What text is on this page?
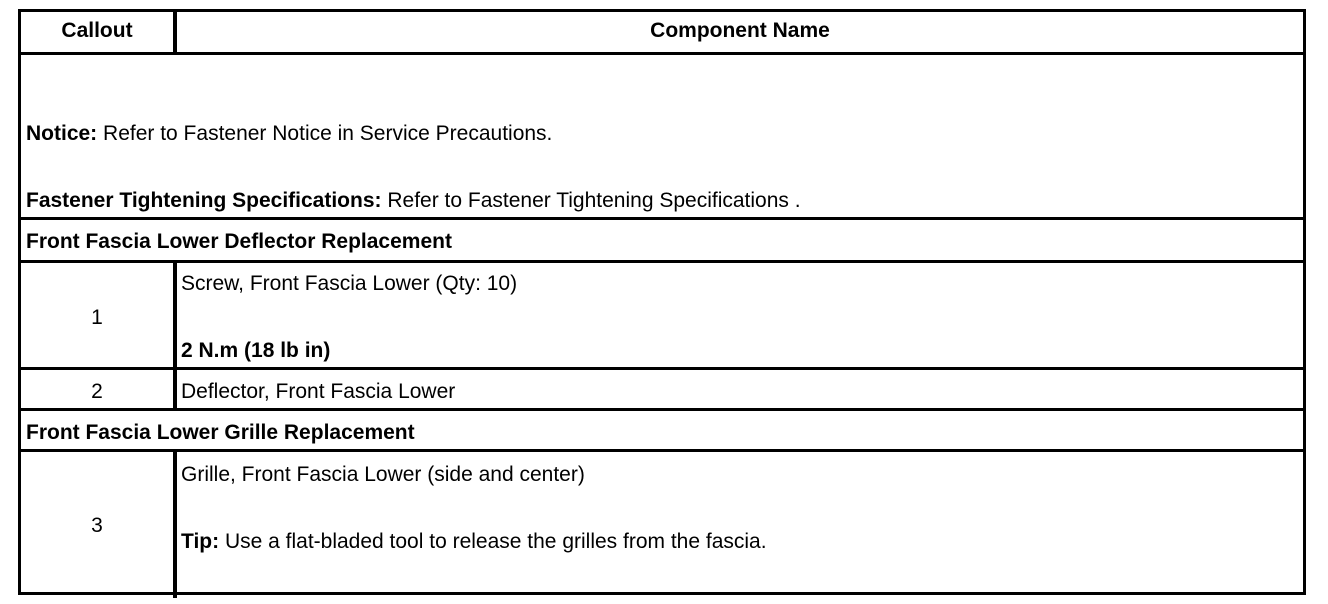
Callout	Component Name
Notice: Refer to Fastener Notice in Service Precautions.
Fastener Tightening Specifications: Refer to Fastener Tightening Specifications .
Front Fascia Lower Deflector Replacement
1
Screw, Front Fascia Lower (Qty: 10)
2 N.m (18 lb in)
2	Deflector, Front Fascia Lower
Front Fascia Lower Grille Replacement
3
Grille, Front Fascia Lower (side and center)
Tip: Use a flat-bladed tool to release the grilles from the fascia.
